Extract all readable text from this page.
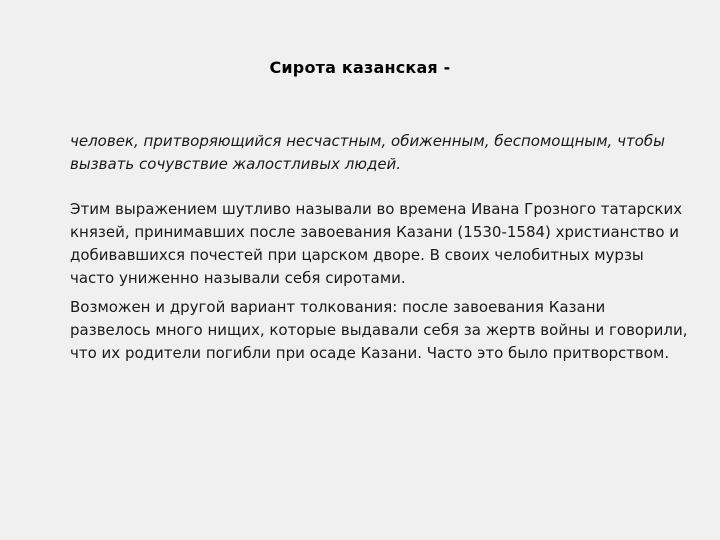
Сирота казанская -

человек, притворяющийся несчастным, обиженным, беспомощным, чтобы вызвать сочувствие жалостливых людей.

Этим выражением шутливо называли во времена Ивана Грозного татарских князей, принимавших после завоевания Казани (1530-1584) христианство и добивавшихся почестей при царском дворе. В своих челобитных мурзы часто униженно называли себя сиротами.

Возможен и другой вариант толкования: после завоевания Казани развелось много нищих, которые выдавали себя за жертв войны и говорили, что их родители погибли при осаде Казани. Часто это было притворством.
